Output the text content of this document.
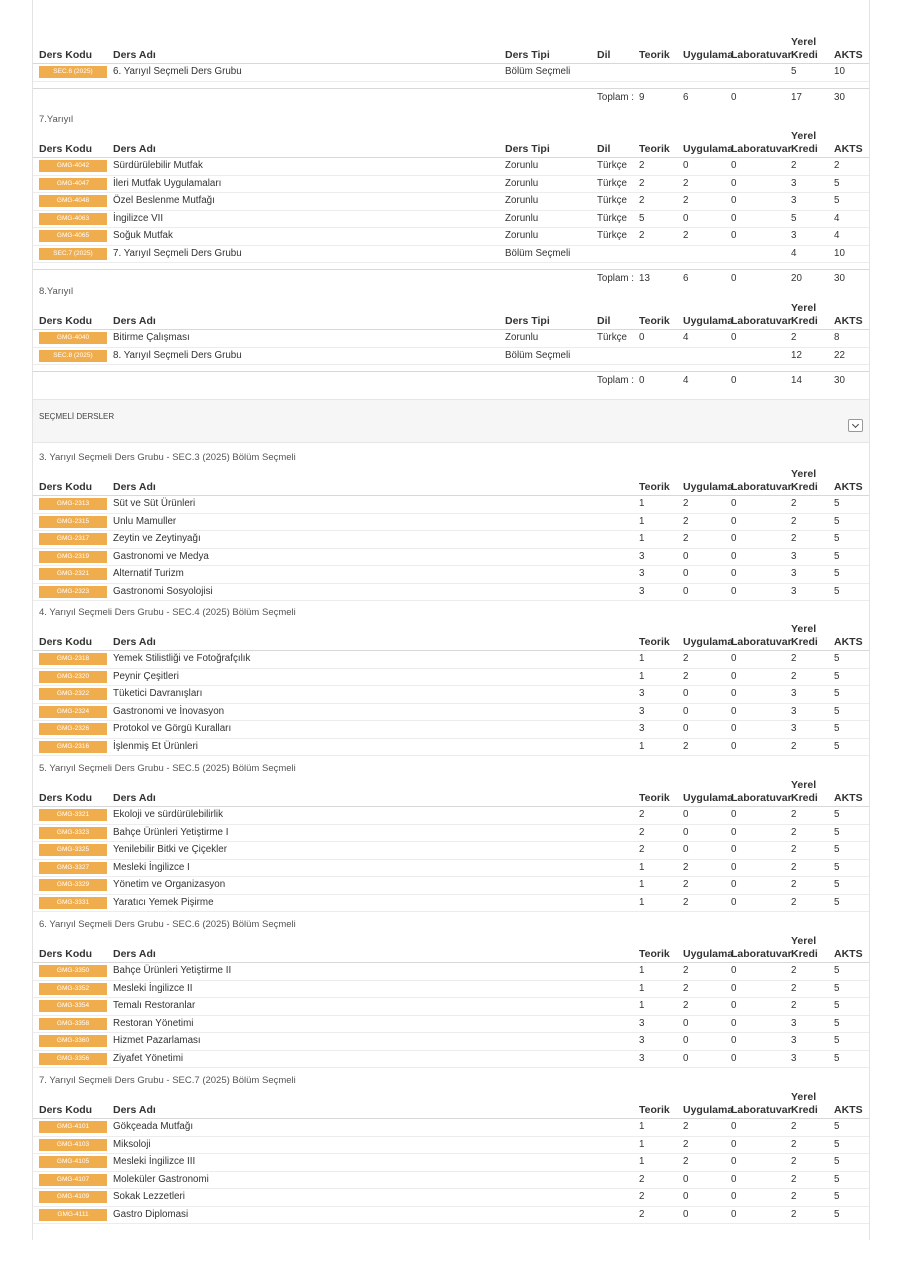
Ders Kodu Ders Adı	Ders Tipi	Dil	Teorik Uygulama
Laboratuvar
Yerel
Kredi AKTS
SEC.6 (2025)	6. Yarıyıl Seçmeli Ders Grubu	Bölüm Seçmeli	5	10
Toplam : 9	6	0	17	30
7.Yarıyıl
Ders Kodu Ders Adı	Ders Tipi	Dil	Teorik Uygulama
Laboratuvar
Yerel
Kredi AKTS
GMG-4042	Sürdürülebilir Mutfak	Zorunlu	Türkçe 2	0	0	2	2
GMG-4047	İleri Mutfak Uygulamaları	Zorunlu	Türkçe 2	2	0	3	5
GMG-4048	Özel Beslenme Mutfağı	Zorunlu	Türkçe 2	2	0	3	5
GMG-4063	İngilizce VII	Zorunlu	Türkçe 5	0	0	5	4
GMG-4065	Soğuk Mutfak	Zorunlu	Türkçe 2	2	0	3	4
SEC.7 (2025)	7. Yarıyıl Seçmeli Ders Grubu	Bölüm Seçmeli	4	10
Toplam : 13	6	0	20	30
8.Yarıyıl
Ders Kodu Ders Adı	Ders Tipi	Dil	Teorik Uygulama
Laboratuvar
Yerel
Kredi AKTS
GMG-4040	Bitirme Çalışması	Zorunlu	Türkçe 0	4	0	2	8
SEC.8 (2025)	8. Yarıyıl Seçmeli Ders Grubu	Bölüm Seçmeli	12	22
Toplam : 0	4	0	14	30
SEÇMELİ DERSLER
3. Yarıyıl Seçmeli Ders Grubu - SEC.3 (2025) Bölüm Seçmeli
Ders Kodu Ders Adı	Teorik Uygulama
Laboratuvar
Yerel
Kredi AKTS
GMG-2313	Süt ve Süt Ürünleri	1	2	0	2	5
GMG-2315	Unlu Mamuller	1	2	0	2	5
GMG-2317	Zeytin ve Zeytinyağı	1	2	0	2	5
GMG-2319	Gastronomi ve Medya	3	0	0	3	5
GMG-2321	Alternatif Turizm	3	0	0	3	5
GMG-2323	Gastronomi Sosyolojisi	3	0	0	3	5
4. Yarıyıl Seçmeli Ders Grubu - SEC.4 (2025) Bölüm Seçmeli
Ders Kodu Ders Adı	Teorik Uygulama
Laboratuvar
Yerel
Kredi AKTS
GMG-2318	Yemek Stilistliği ve Fotoğrafçılık	1	2	0	2	5
GMG-2320	Peynir Çeşitleri	1	2	0	2	5
GMG-2322	Tüketici Davranışları	3	0	0	3	5
GMG-2324	Gastronomi ve İnovasyon	3	0	0	3	5
GMG-2326	Protokol ve Görgü Kuralları	3	0	0	3	5
GMG-2316	İşlenmiş Et Ürünleri	1	2	0	2	5
5. Yarıyıl Seçmeli Ders Grubu - SEC.5 (2025) Bölüm Seçmeli
Ders Kodu Ders Adı	Teorik Uygulama
Laboratuvar
Yerel
Kredi AKTS
GMG-3321	Ekoloji ve sürdürülebilirlik	2	0	0	2	5
GMG-3323	Bahçe Ürünleri Yetiştirme I	2	0	0	2	5
GMG-3325	Yenilebilir Bitki ve Çiçekler	2	0	0	2	5
GMG-3327	Mesleki İngilizce I	1	2	0	2	5
GMG-3329	Yönetim ve Organizasyon	1	2	0	2	5
GMG-3331	Yaratıcı Yemek Pişirme	1	2	0	2	5
6. Yarıyıl Seçmeli Ders Grubu - SEC.6 (2025) Bölüm Seçmeli
Ders Kodu Ders Adı	Teorik Uygulama
Laboratuvar
Yerel
Kredi AKTS
GMG-3350	Bahçe Ürünleri Yetiştirme II	1	2	0	2	5
GMG-3352	Mesleki İngilizce II	1	2	0	2	5
GMG-3354	Temalı Restoranlar	1	2	0	2	5
GMG-3358	Restoran Yönetimi	3	0	0	3	5
GMG-3360	Hizmet Pazarlaması	3	0	0	3	5
GMG-3356	Ziyafet Yönetimi	3	0	0	3	5
7. Yarıyıl Seçmeli Ders Grubu - SEC.7 (2025) Bölüm Seçmeli
Ders Kodu Ders Adı	Teorik Uygulama
Laboratuvar
Yerel
Kredi AKTS
GMG-4101	Gökçeada Mutfağı	1	2	0	2	5
GMG-4103	Miksoloji	1	2	0	2	5
GMG-4105	Mesleki İngilizce III	1	2	0	2	5
GMG-4107	Moleküler Gastronomi	2	0	0	2	5
GMG-4109	Sokak Lezzetleri	2	0	0	2	5
GMG-4111	Gastro Diplomasi	2	0	0	2	5
